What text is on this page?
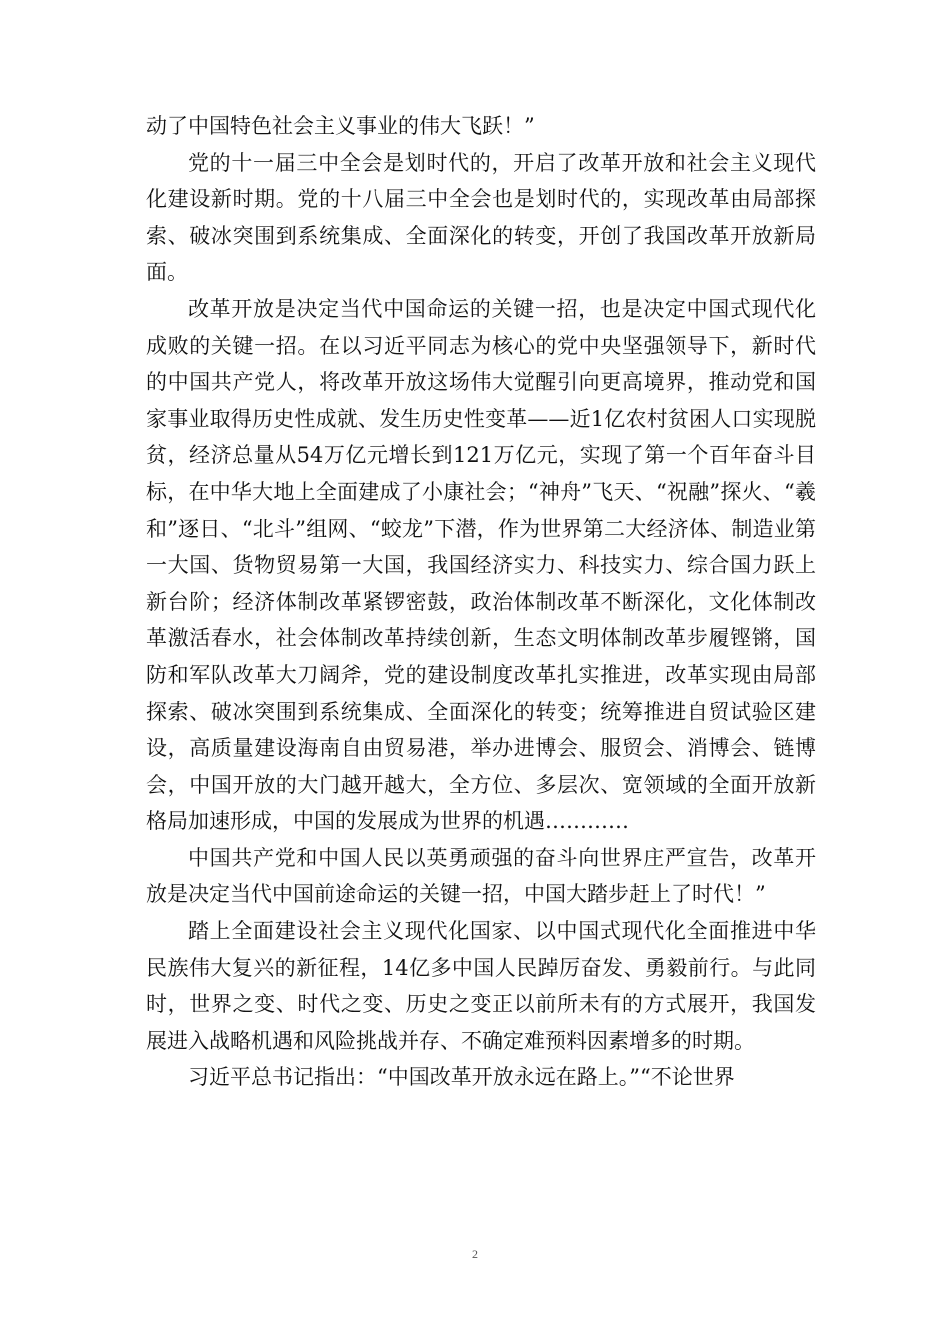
动了中国特色社会主义事业的伟大飞跃！”

党的十一届三中全会是划时代的，开启了改革开放和社会主义现代化建设新时期。党的十八届三中全会也是划时代的，实现改革由局部探索、破冰突围到系统集成、全面深化的转变，开创了我国改革开放新局面。

改革开放是决定当代中国命运的关键一招，也是决定中国式现代化成败的关键一招。在以习近平同志为核心的党中央坚强领导下，新时代的中国共产党人，将改革开放这场伟大觉醒引向更高境界，推动党和国家事业取得历史性成就、发生历史性变革——近1亿农村贫困人口实现脱贫，经济总量从54万亿元增长到121万亿元，实现了第一个百年奋斗目标，在中华大地上全面建成了小康社会；“神舟”飞天、“祝融”探火、“羲和”逐日、“北斗”组网、“蛟龙”下潜，作为世界第二大经济体、制造业第一大国、货物贸易第一大国，我国经济实力、科技实力、综合国力跃上新台阶；经济体制改革紧锣密鼓，政治体制改革不断深化，文化体制改革激活春水，社会体制改革持续创新，生态文明体制改革步履铿锵，国防和军队改革大刀阔斧，党的建设制度改革扎实推进，改革实现由局部探索、破冰突围到系统集成、全面深化的转变；统筹推进自贸试验区建设，高质量建设海南自由贸易港，举办进博会、服贸会、消博会、链博会，中国开放的大门越开越大，全方位、多层次、宽领域的全面开放新格局加速形成，中国的发展成为世界的机遇…………

中国共产党和中国人民以英勇顽强的奋斗向世界庄严宣告，改革开放是决定当代中国前途命运的关键一招，中国大踏步赶上了时代！”

踏上全面建设社会主义现代化国家、以中国式现代化全面推进中华民族伟大复兴的新征程，14亿多中国人民踔厉奋发、勇毅前行。与此同时，世界之变、时代之变、历史之变正以前所未有的方式展开，我国发展进入战略机遇和风险挑战并存、不确定难预料因素增多的时期。

习近平总书记指出：“中国改革开放永远在路上。”“不论世界

2
